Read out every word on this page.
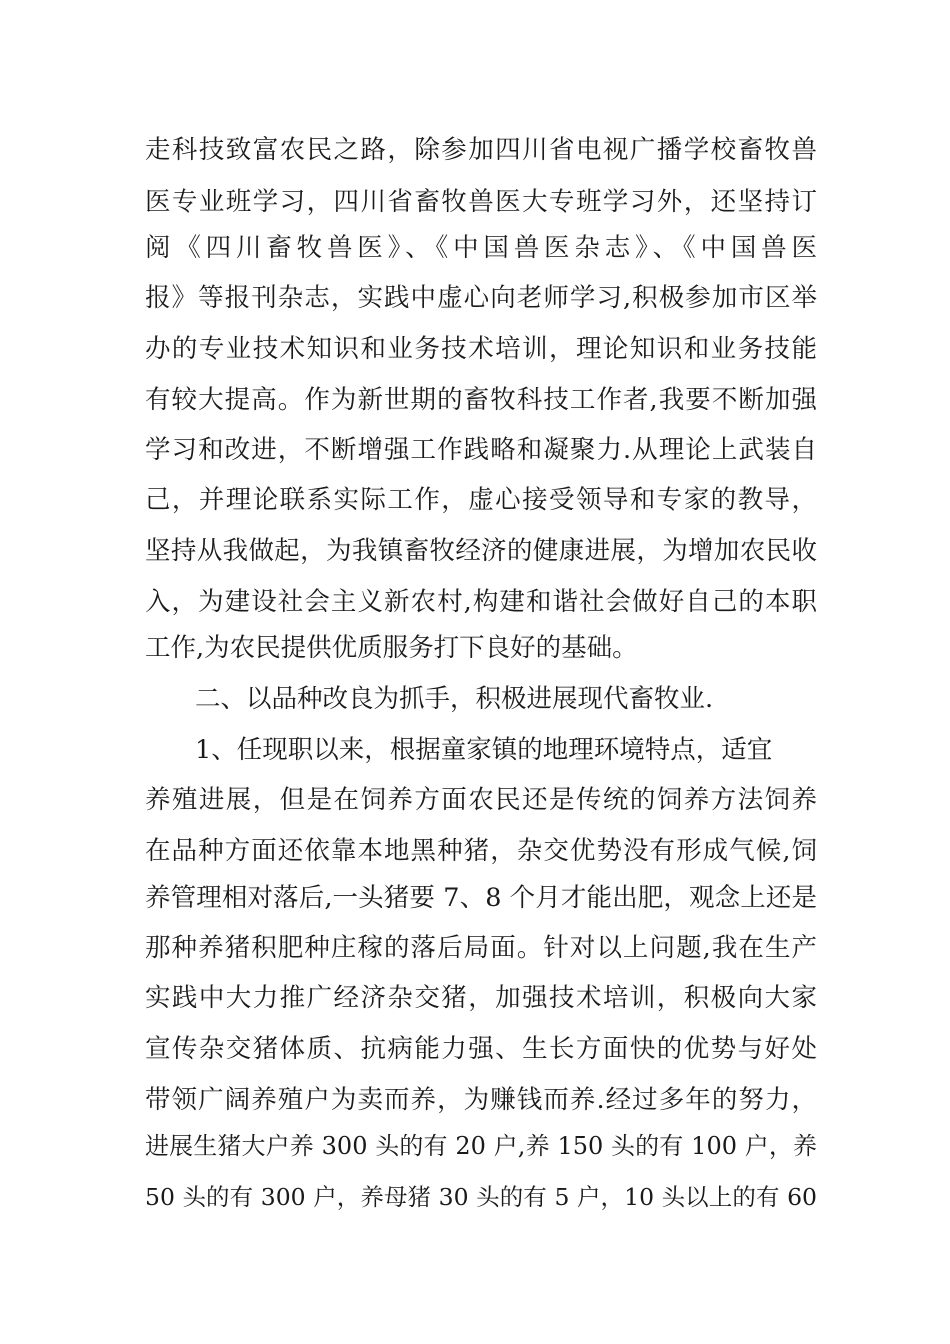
走科技致富农民之路，除参加四川省电视广播学校畜牧兽
医专业班学习，四川省畜牧兽医大专班学习外，还坚持订
阅《四川畜牧兽医》、《中国兽医杂志》、《中国兽医
报》等报刊杂志，实践中虚心向老师学习,积极参加市区举
办的专业技术知识和业务技术培训，理论知识和业务技能
有较大提高。作为新世期的畜牧科技工作者,我要不断加强
学习和改进，不断增强工作践略和凝聚力.从理论上武装自
己，并理论联系实际工作，虚心接受领导和专家的教导，
坚持从我做起，为我镇畜牧经济的健康进展，为增加农民收
入，为建设社会主义新农村,构建和谐社会做好自己的本职
工作,为农民提供优质服务打下良好的基础。
二、以品种改良为抓手，积极进展现代畜牧业.
1、任现职以来，根据童家镇的地理环境特点，适宜
养殖进展，但是在饲养方面农民还是传统的饲养方法饲养
在品种方面还依靠本地黑种猪，杂交优势没有形成气候,饲
养管理相对落后,一头猪要 7、8 个月才能出肥，观念上还是
那种养猪积肥种庄稼的落后局面。针对以上问题,我在生产
实践中大力推广经济杂交猪，加强技术培训，积极向大家
宣传杂交猪体质、抗病能力强、生长方面快的优势与好处
带领广阔养殖户为卖而养，为赚钱而养.经过多年的努力，
进展生猪大户养 300 头的有 20 户,养 150 头的有 100 户，养
50 头的有 300 户，养母猪 30 头的有 5 户，10 头以上的有 60
